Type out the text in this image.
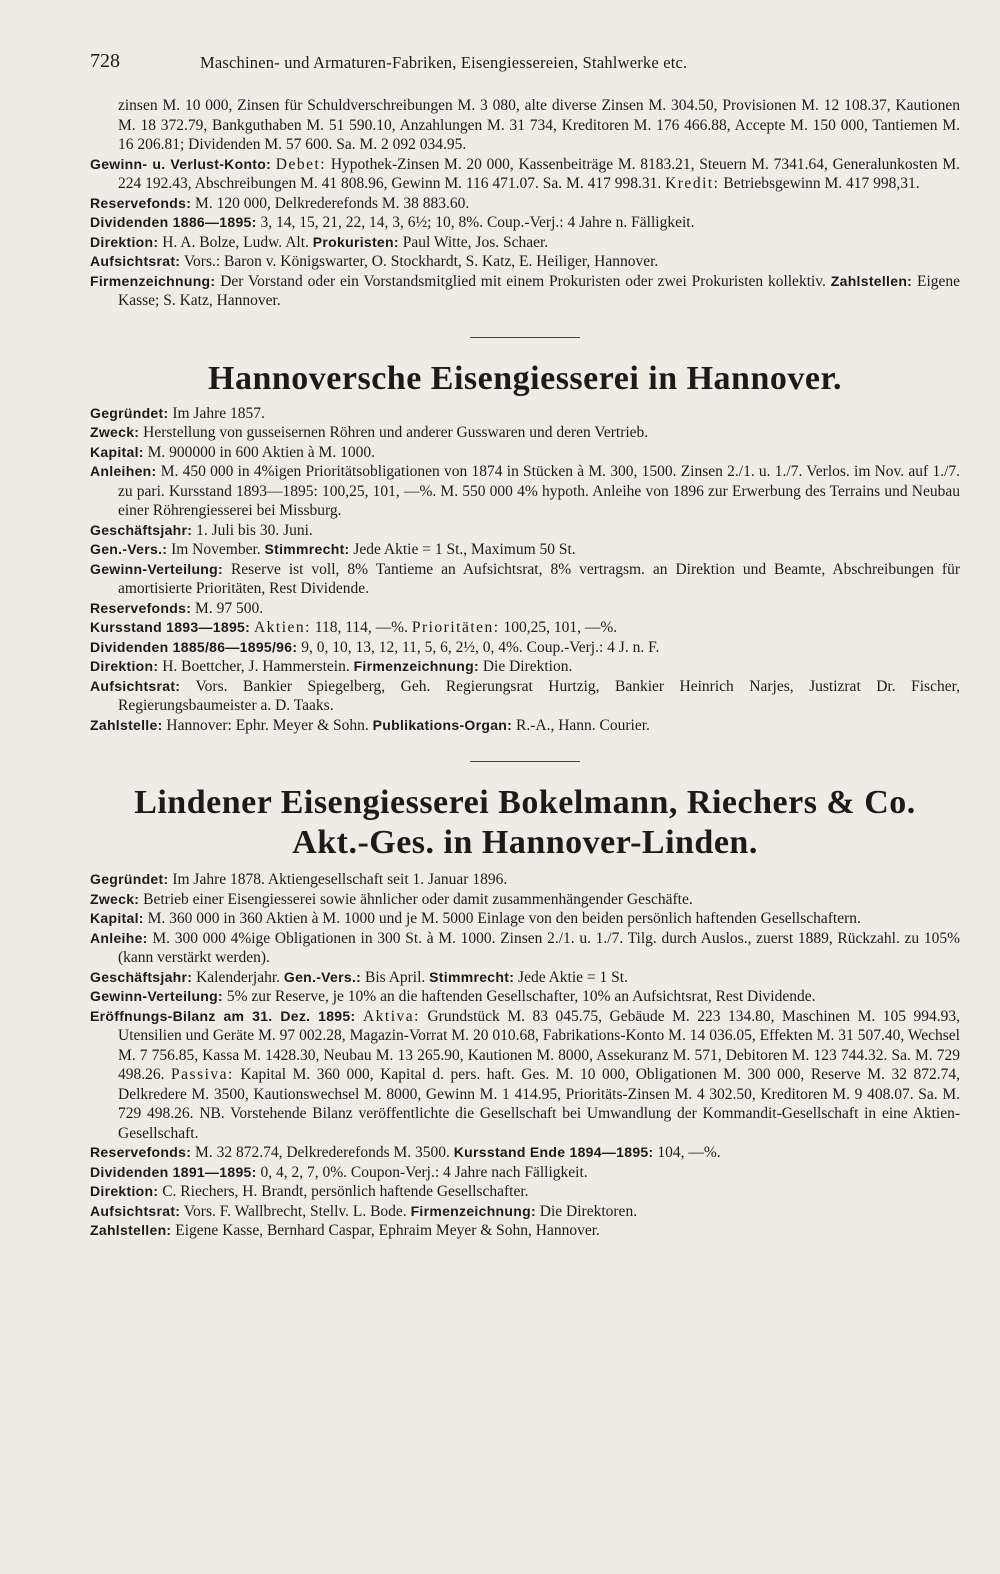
728	Maschinen- und Armaturen-Fabriken, Eisengiessereien, Stahlwerke etc.

zinsen M. 10 000, Zinsen für Schuldverschreibungen M. 3 080, alte diverse Zinsen M. 304.50, Provisionen M. 12 108.37, Kautionen M. 18 372.79, Bankguthaben M. 51 590.10, Anzahlungen M. 31 734, Kreditoren M. 176 466.88, Accepte M. 150 000, Tantiemen M. 16 206.81; Dividenden M. 57 600. Sa. M. 2 092 034.95.

Gewinn- u. Verlust-Konto: Debet: Hypothek-Zinsen M. 20 000, Kassenbeiträge M. 8183.21, Steuern M. 7341.64, Generalunkosten M. 224 192.43, Abschreibungen M. 41 808.96, Gewinn M. 116 471.07. Sa. M. 417 998.31. Kredit: Betriebsgewinn M. 417 998,31.

Reservefonds: M. 120 000, Delkrederefonds M. 38 883.60.

Dividenden 1886—1895: 3, 14, 15, 21, 22, 14, 3, 6½; 10, 8%. Coup.-Verj.: 4 Jahre n. Fälligkeit.

Direktion: H. A. Bolze, Ludw. Alt. Prokuristen: Paul Witte, Jos. Schaer.

Aufsichtsrat: Vors.: Baron v. Königswarter, O. Stockhardt, S. Katz, E. Heiliger, Hannover.

Firmenzeichnung: Der Vorstand oder ein Vorstandsmitglied mit einem Prokuristen oder zwei Prokuristen kollektiv. Zahlstellen: Eigene Kasse; S. Katz, Hannover.

Hannoversche Eisengiesserei in Hannover.

Gegründet: Im Jahre 1857.

Zweck: Herstellung von gusseisernen Röhren und anderer Gusswaren und deren Vertrieb.

Kapital: M. 900000 in 600 Aktien à M. 1000.

Anleihen: M. 450 000 in 4%igen Prioritätsobligationen von 1874 in Stücken à M. 300, 1500. Zinsen 2./1. u. 1./7. Verlos. im Nov. auf 1./7. zu pari. Kursstand 1893—1895: 100,25, 101, —%. M. 550 000 4% hypoth. Anleihe von 1896 zur Erwerbung des Terrains und Neubau einer Röhrengiesserei bei Missburg.

Geschäftsjahr: 1. Juli bis 30. Juni.

Gen.-Vers.: Im November. Stimmrecht: Jede Aktie = 1 St., Maximum 50 St.

Gewinn-Verteilung: Reserve ist voll, 8% Tantieme an Aufsichtsrat, 8% vertragsm. an Direktion und Beamte, Abschreibungen für amortisierte Prioritäten, Rest Dividende.

Reservefonds: M. 97 500.

Kursstand 1893—1895: Aktien: 118, 114, —%. Prioritäten: 100,25, 101, —%.

Dividenden 1885/86—1895/96: 9, 0, 10, 13, 12, 11, 5, 6, 2½, 0, 4%. Coup.-Verj.: 4 J. n. F.

Direktion: H. Boettcher, J. Hammerstein. Firmenzeichnung: Die Direktion.

Aufsichtsrat: Vors. Bankier Spiegelberg, Geh. Regierungsrat Hurtzig, Bankier Heinrich Narjes, Justizrat Dr. Fischer, Regierungsbaumeister a. D. Taaks.

Zahlstelle: Hannover: Ephr. Meyer & Sohn. Publikations-Organ: R.-A., Hann. Courier.

Lindener Eisengiesserei Bokelmann, Riechers & Co.
Akt.-Ges. in Hannover-Linden.

Gegründet: Im Jahre 1878. Aktiengesellschaft seit 1. Januar 1896.

Zweck: Betrieb einer Eisengiesserei sowie ähnlicher oder damit zusammenhängender Geschäfte.

Kapital: M. 360 000 in 360 Aktien à M. 1000 und je M. 5000 Einlage von den beiden persönlich haftenden Gesellschaftern.

Anleihe: M. 300 000 4%ige Obligationen in 300 St. à M. 1000. Zinsen 2./1. u. 1./7. Tilg. durch Auslos., zuerst 1889, Rückzahl. zu 105% (kann verstärkt werden).

Geschäftsjahr: Kalenderjahr. Gen.-Vers.: Bis April. Stimmrecht: Jede Aktie = 1 St.

Gewinn-Verteilung: 5% zur Reserve, je 10% an die haftenden Gesellschafter, 10% an Aufsichtsrat, Rest Dividende.

Eröffnungs-Bilanz am 31. Dez. 1895: Aktiva: Grundstück M. 83 045.75, Gebäude M. 223 134.80, Maschinen M. 105 994.93, Utensilien und Geräte M. 97 002.28, Magazin-Vorrat M. 20 010.68, Fabrikations-Konto M. 14 036.05, Effekten M. 31 507.40, Wechsel M. 7 756.85, Kassa M. 1428.30, Neubau M. 13 265.90, Kautionen M. 8000, Assekuranz M. 571, Debitoren M. 123 744.32. Sa. M. 729 498.26. Passiva: Kapital M. 360 000, Kapital d. pers. haft. Ges. M. 10 000, Obligationen M. 300 000, Reserve M. 32 872.74, Delkredere M. 3500, Kautionswechsel M. 8000, Gewinn M. 1 414.95, Prioritäts-Zinsen M. 4 302.50, Kreditoren M. 9 408.07. Sa. M. 729 498.26. NB. Vorstehende Bilanz veröffentlichte die Gesellschaft bei Umwandlung der Kommandit-Gesellschaft in eine Aktien-Gesellschaft.

Reservefonds: M. 32 872.74, Delkrederefonds M. 3500. Kursstand Ende 1894—1895: 104, —%.

Dividenden 1891—1895: 0, 4, 2, 7, 0%. Coupon-Verj.: 4 Jahre nach Fälligkeit.

Direktion: C. Riechers, H. Brandt, persönlich haftende Gesellschafter.

Aufsichtsrat: Vors. F. Wallbrecht, Stellv. L. Bode. Firmenzeichnung: Die Direktoren.

Zahlstellen: Eigene Kasse, Bernhard Caspar, Ephraim Meyer & Sohn, Hannover.
